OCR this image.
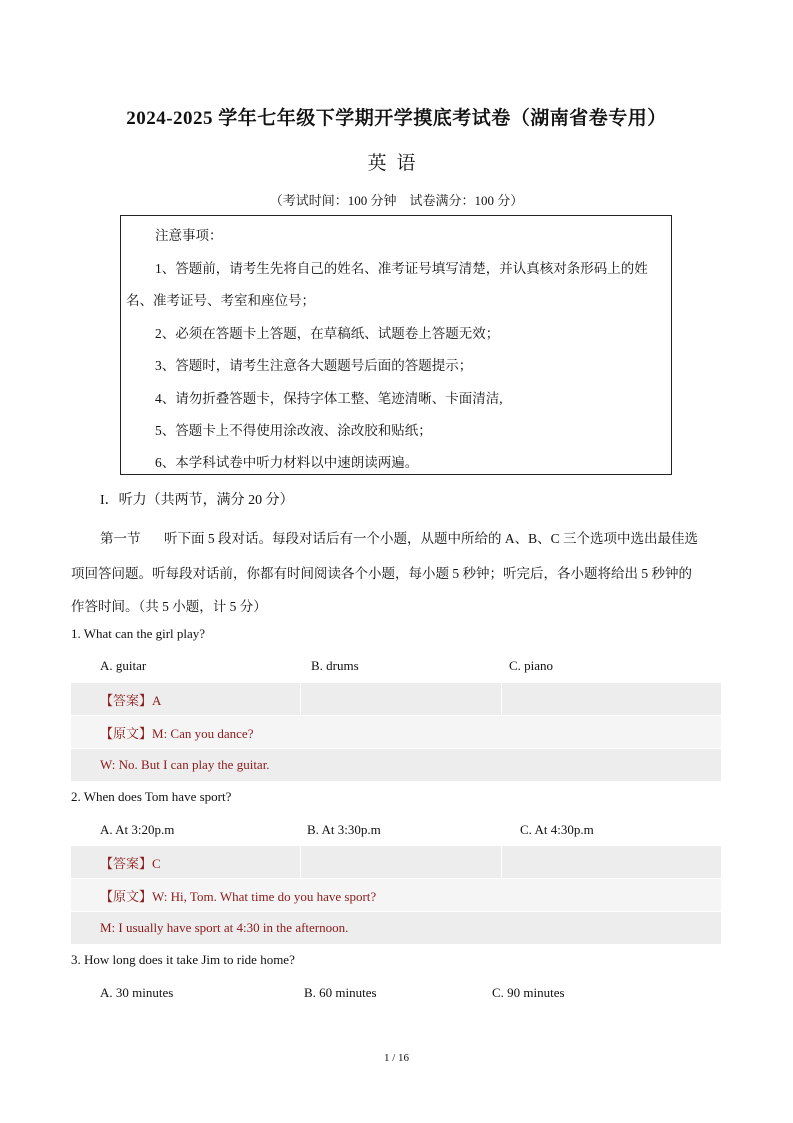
2024-2025 学年七年级下学期开学摸底考试卷（湖南省卷专用）
英语
（考试时间：100 分钟　试卷满分：100 分）
注意事项：
1、答题前，请考生先将自己的姓名、准考证号填写清楚，并认真核对条形码上的姓
名、准考证号、考室和座位号；
2、必须在答题卡上答题，在草稿纸、试题卷上答题无效；
3、答题时，请考生注意各大题题号后面的答题提示；
4、请勿折叠答题卡，保持字体工整、笔迹清晰、卡面清洁,
5、答题卡上不得使用涂改液、涂改胶和贴纸；
6、本学科试卷中听力材料以中速朗读两遍。
I．听力（共两节，满分 20 分）
第一节 听下面 5 段对话。每段对话后有一个小题，从题中所给的 A、B、C 三个选项中选出最佳选
项回答问题。听每段对话前，你都有时间阅读各个小题，每小题 5 秒钟；听完后，各小题将给出 5 秒钟的
作答时间。（共 5 小题，计 5 分）
1. What can the girl play?
A. guitar	B. drums	C. piano
【答案】A		
【原文】M: Can you dance?
W: No. But I can play the guitar.
2. When does Tom have sport?
A. At 3:20p.m	B. At 3:30p.m	C. At 4:30p.m
【答案】C		
【原文】W: Hi, Tom. What time do you have sport?
M: I usually have sport at 4:30 in the afternoon.
3. How long does it take Jim to ride home?
A. 30 minutes	B. 60 minutes	C. 90 minutes
1 / 16
